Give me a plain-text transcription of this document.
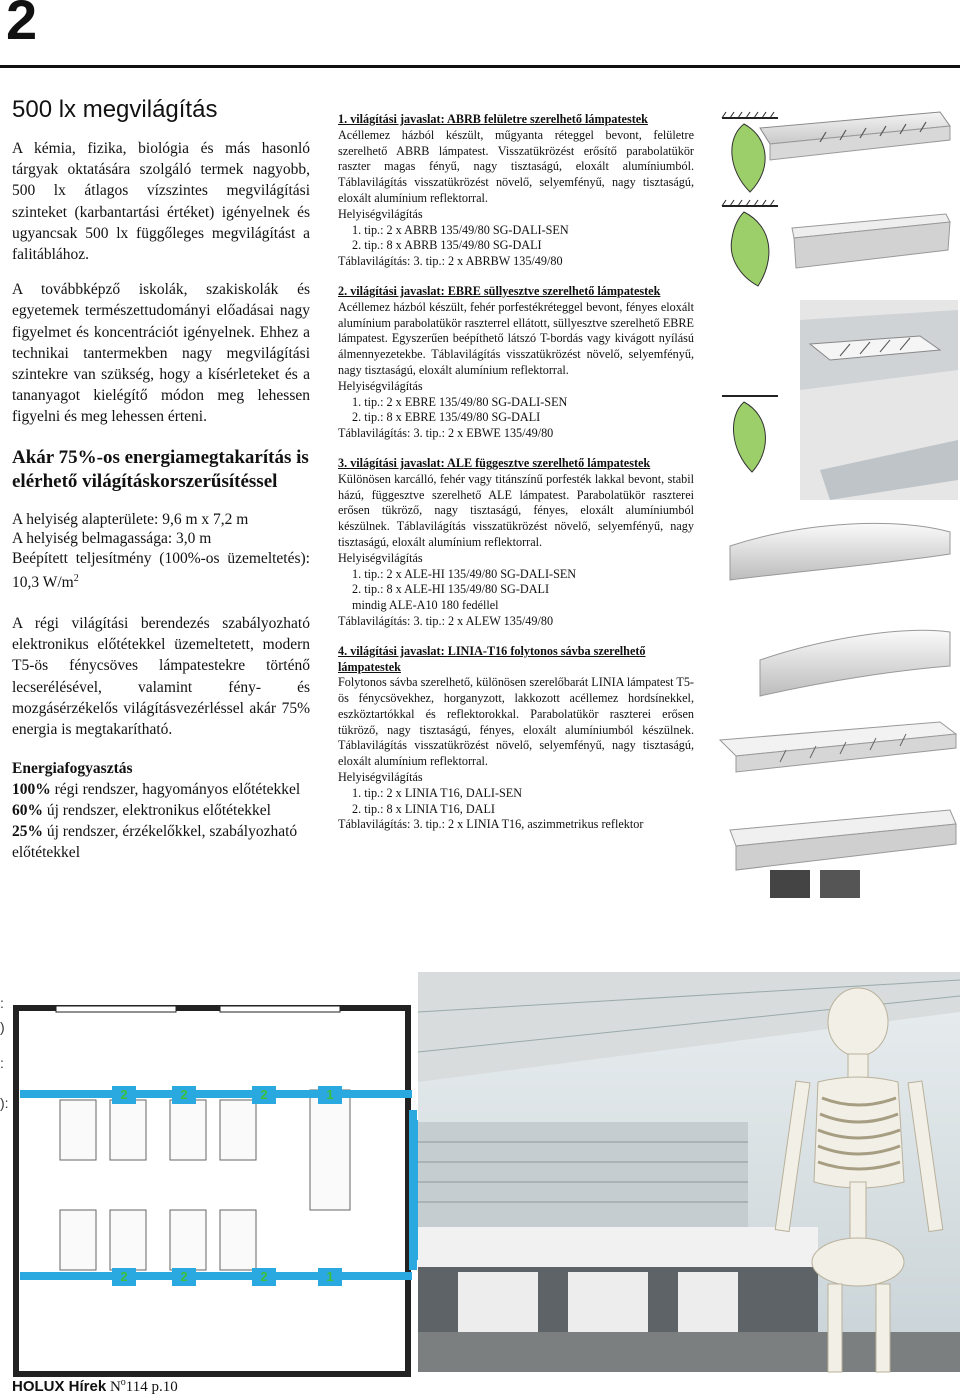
2
500 lx megvilágítás

A kémia, fizika, biológia és más hasonló tárgyak oktatására szolgáló termek nagyobb, 500 lx átlagos vízszintes megvilágítási szinteket (karbantartási értéket) igényelnek és ugyancsak 500 lx függőleges megvilágítást a falitáblához.

A továbbképző iskolák, szakiskolák és egyetemek természettudományi előadásai nagy figyelmet és koncentrációt igényelnek. Ehhez a technikai tantermekben nagy megvilágítási szintekre van szükség, hogy a kísérleteket és a tananyagot kielégítő módon meg lehessen figyelni és meg lehessen érteni.

Akár 75%-os energiamegtakarítás is elérhető világításkorszerűsítéssel

A helyiség alapterülete: 9,6 m x 7,2 m

A helyiség belmagassága: 3,0 m

Beépített teljesítmény (100%-os üzemeltetés): 10,3 $W/m^2$

A régi világítási berendezés szabályozható elektronikus előtétekkel üzemeltetett, modern T5-ös fénycsöves lámpatestekre történő lecserélésével, valamint fény- és mozgásérzékelős világításvezérléssel akár 75% energia is megtakarítható.

Energiafogyasztás

100% régi rendszer, hagyományos előtétekkel
60% új rendszer, elektronikus előtétekkel
25% új rendszer, érzékelőkkel, szabályozható előtétekkel
1. világítási javaslat: ABRB felületre szerelhető lámpatestek

Acéllemez házból készült, műgyanta réteggel bevont, felületre szerelhető ABRB lámpatest. Visszatükrözést erősítő parabolatükör raszter magas fényű, nagy tisztaságú, eloxált alumíniumból. Táblavilágítás visszatükrözést növelő, selyemfényű, nagy tisztaságú, eloxált alumínium reflektorral.

Helyiségvilágítás

1. tip.: 2 x ABRB 135/49/80 SG-DALI-SEN

2. tip.: 8 x ABRB 135/49/80 SG-DALI

Táblavilágítás: 3. tip.: 2 x ABRBW 135/49/80

2. világítási javaslat: EBRE süllyesztve szerelhető lámpatestek

Acéllemez házból készült, fehér porfestékréteggel bevont, fényes eloxált alumínium parabolatükör raszterrel ellátott, süllyesztve szerelhető EBRE lámpatest. Egyszerűen beépíthető látszó T-bordás vagy kivágott nyílású álmennyezetekbe. Táblavilágítás visszatükrözést növelő, selyemfényű, nagy tisztaságú, eloxált alumínium reflektorral.

Helyiségvilágítás

1. tip.: 2 x EBRE 135/49/80 SG-DALI-SEN

2. tip.: 8 x EBRE 135/49/80 SG-DALI

Táblavilágítás: 3. tip.: 2 x EBWE 135/49/80

3. világítási javaslat: ALE függesztve szerelhető lámpatestek

Különösen karcálló, fehér vagy titánszínű porfesték lakkal bevont, stabil házú, függesztve szerelhető ALE lámpatest. Parabolatükör raszterei erősen tükröző, nagy tisztaságú, fényes, eloxált alumíniumból készülnek. Táblavilágítás visszatükrözést növelő, selyemfényű, nagy tisztaságú, eloxált alumínium reflektorral.

Helyiségvilágítás

1. tip.: 2 x ALE-HI 135/49/80 SG-DALI-SEN

2. tip.: 8 x ALE-HI 135/49/80 SG-DALI

mindig ALE-A10 180 fedéllel

Táblavilágítás: 3. tip.: 2 x ALEW 135/49/80

4. világítási javaslat: LINIA-T16 folytonos sávba szerelhető lámpatestek

Folytonos sávba szerelhető, különösen szerelőbarát LINIA lámpatest T5-ös fénycsövekhez, horganyzott, lakkozott acéllemez hordsínekkel, eszköztartókkal és reflektorokkal. Parabolatükör raszterei erősen tükröző, nagy tisztaságú, fényes, eloxált alumíniumból készülnek. Táblavilágítás visszatükrözést növelő, selyemfényű, nagy tisztaságú, eloxált alumínium reflektorral.

Helyiségvilágítás

1. tip.: 2 x LINIA T16, DALI-SEN

2. tip.: 8 x LINIA T16, DALI

Táblavilágítás: 3. tip.: 2 x LINIA T16, aszimmetrikus reflektor

:
)
:
):
2	2	2	1
2	2	2	1
HOLUX Hírek $N^o114$ p.10
